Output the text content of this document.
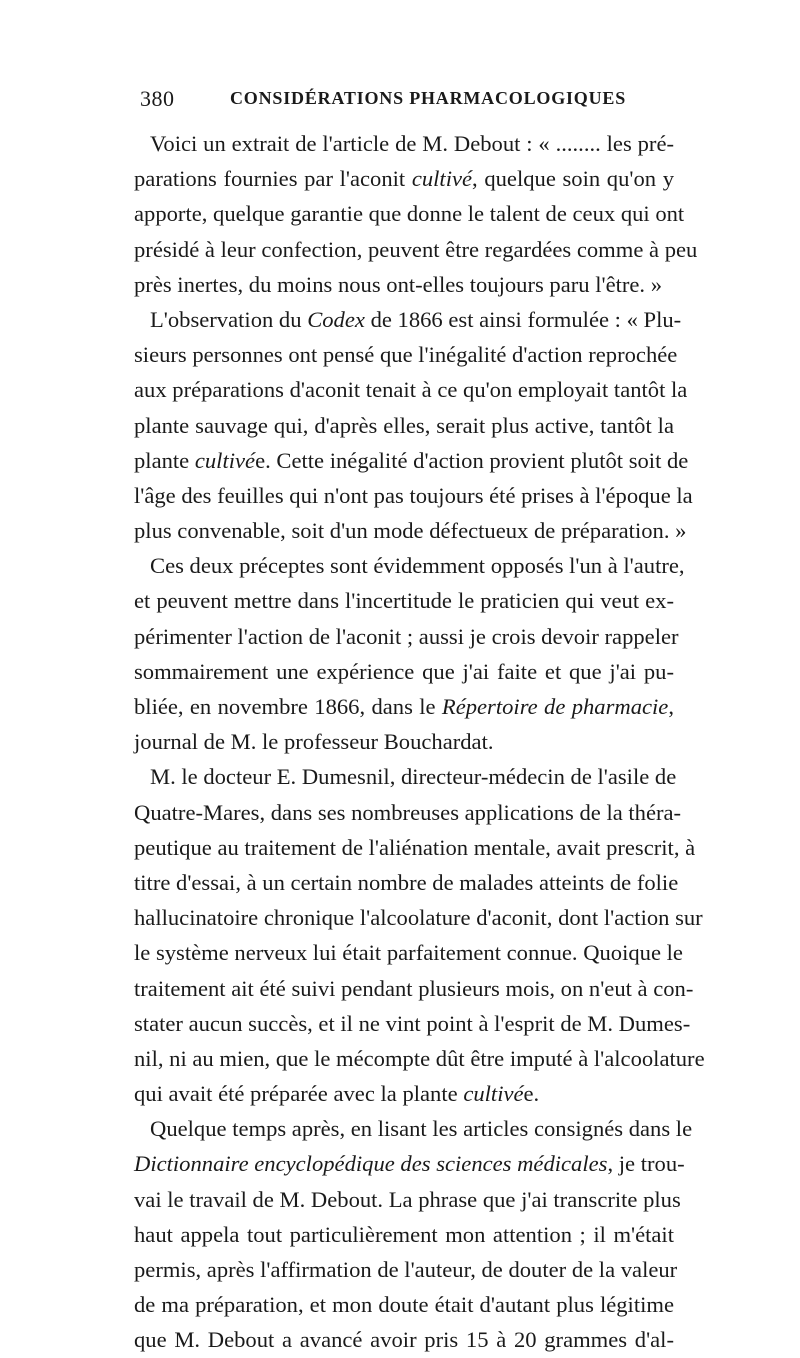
380	CONSIDÉRATIONS PHARMACOLOGIQUES
Voici un extrait de l'article de M. Debout : « ........ les pré-
parations fournies par l'aconit cultivé, quelque soin qu'on y
apporte, quelque garantie que donne le talent de ceux qui ont
présidé à leur confection, peuvent être regardées comme à peu
près inertes, du moins nous ont-elles toujours paru l'être. »
L'observation du Codex de 1866 est ainsi formulée : « Plu-
sieurs personnes ont pensé que l'inégalité d'action reprochée
aux préparations d'aconit tenait à ce qu'on employait tantôt la
plante sauvage qui, d'après elles, serait plus active, tantôt la
plante cultivée. Cette inégalité d'action provient plutôt soit de
l'âge des feuilles qui n'ont pas toujours été prises à l'époque la
plus convenable, soit d'un mode défectueux de préparation. »
Ces deux préceptes sont évidemment opposés l'un à l'autre,
et peuvent mettre dans l'incertitude le praticien qui veut ex-
périmenter l'action de l'aconit ; aussi je crois devoir rappeler
sommairement une expérience que j'ai faite et que j'ai pu-
bliée, en novembre 1866, dans le Répertoire de pharmacie,
journal de M. le professeur Bouchardat.
M. le docteur E. Dumesnil, directeur-médecin de l'asile de
Quatre-Mares, dans ses nombreuses applications de la théra-
peutique au traitement de l'aliénation mentale, avait prescrit, à
titre d'essai, à un certain nombre de malades atteints de folie
hallucinatoire chronique l'alcoolature d'aconit, dont l'action sur
le système nerveux lui était parfaitement connue. Quoique le
traitement ait été suivi pendant plusieurs mois, on n'eut à con-
stater aucun succès, et il ne vint point à l'esprit de M. Dumes-
nil, ni au mien, que le mécompte dût être imputé à l'alcoolature
qui avait été préparée avec la plante cultivée.
Quelque temps après, en lisant les articles consignés dans le
Dictionnaire encyclopédique des sciences médicales, je trou-
vai le travail de M. Debout. La phrase que j'ai transcrite plus
haut appela tout particulièrement mon attention ; il m'était
permis, après l'affirmation de l'auteur, de douter de la valeur
de ma préparation, et mon doute était d'autant plus légitime
que M. Debout a avancé avoir pris 15 à 20 grammes d'al-
